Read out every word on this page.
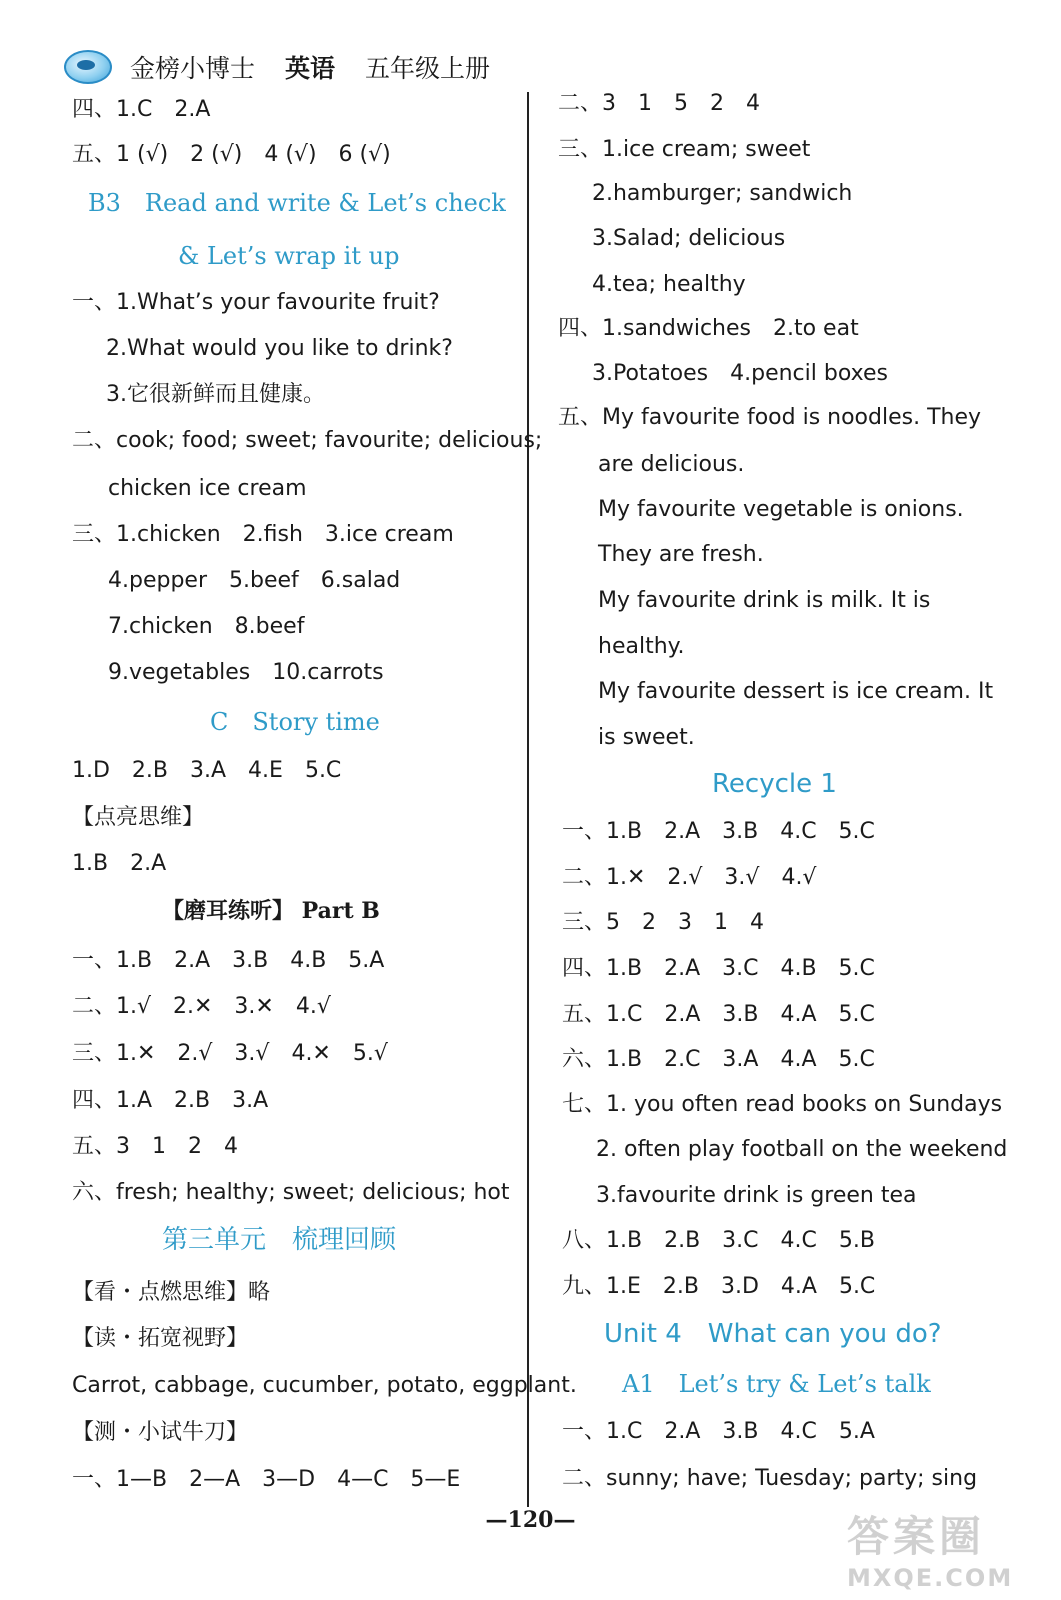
金榜小博士 英语 五年级上册
四、1.C　2.A
五、1 (√)　2 (√)　4 (√)　6 (√)
B3　Read and write & Let’s check
& Let’s wrap it up
一、1.What’s your favourite fruit?
2.What would you like to drink?
3.它很新鲜而且健康。
二、cook; food; sweet; favourite; delicious;
chicken ice cream
三、1.chicken　2.fish　3.ice cream
4.pepper　5.beef　6.salad
7.chicken　8.beef
9.vegetables　10.carrots
C　Story time
1.D　2.B　3.A　4.E　5.C
【点亮思维】
1.B　2.A
【磨耳练听】 Part B
一、1.B　2.A　3.B　4.B　5.A
二、1.√　2.✕　3.✕　4.√
三、1.✕　2.√　3.√　4.✕　5.√
四、1.A　2.B　3.A
五、3　1　2　4
六、fresh; healthy; sweet; delicious; hot
第三单元　梳理回顾
【看・点燃思维】略
【读・拓宽视野】
Carrot, cabbage, cucumber, potato, eggplant.
【测・小试牛刀】
一、1—B　2—A　3—D　4—C　5—E
二、3　1　5　2　4
三、1.ice cream; sweet
2.hamburger; sandwich
3.Salad; delicious
4.tea; healthy
四、1.sandwiches　2.to eat
3.Potatoes　4.pencil boxes
五、My favourite food is noodles. They
are delicious.
My favourite vegetable is onions.
They are fresh.
My favourite drink is milk. It is
healthy.
My favourite dessert is ice cream. It
is sweet.
Recycle 1
一、1.B　2.A　3.B　4.C　5.C
二、1.✕　2.√　3.√　4.√
三、5　2　3　1　4
四、1.B　2.A　3.C　4.B　5.C
五、1.C　2.A　3.B　4.A　5.C
六、1.B　2.C　3.A　4.A　5.C
七、1. you often read books on Sundays
2. often play football on the weekend
3.favourite drink is green tea
八、1.B　2.B　3.C　4.C　5.B
九、1.E　2.B　3.D　4.A　5.C
Unit 4　What can you do?
A1　Let’s try & Let’s talk
一、1.C　2.A　3.B　4.C　5.A
二、sunny; have; Tuesday; party; sing
—120—	答案圈
MXQE.COM
